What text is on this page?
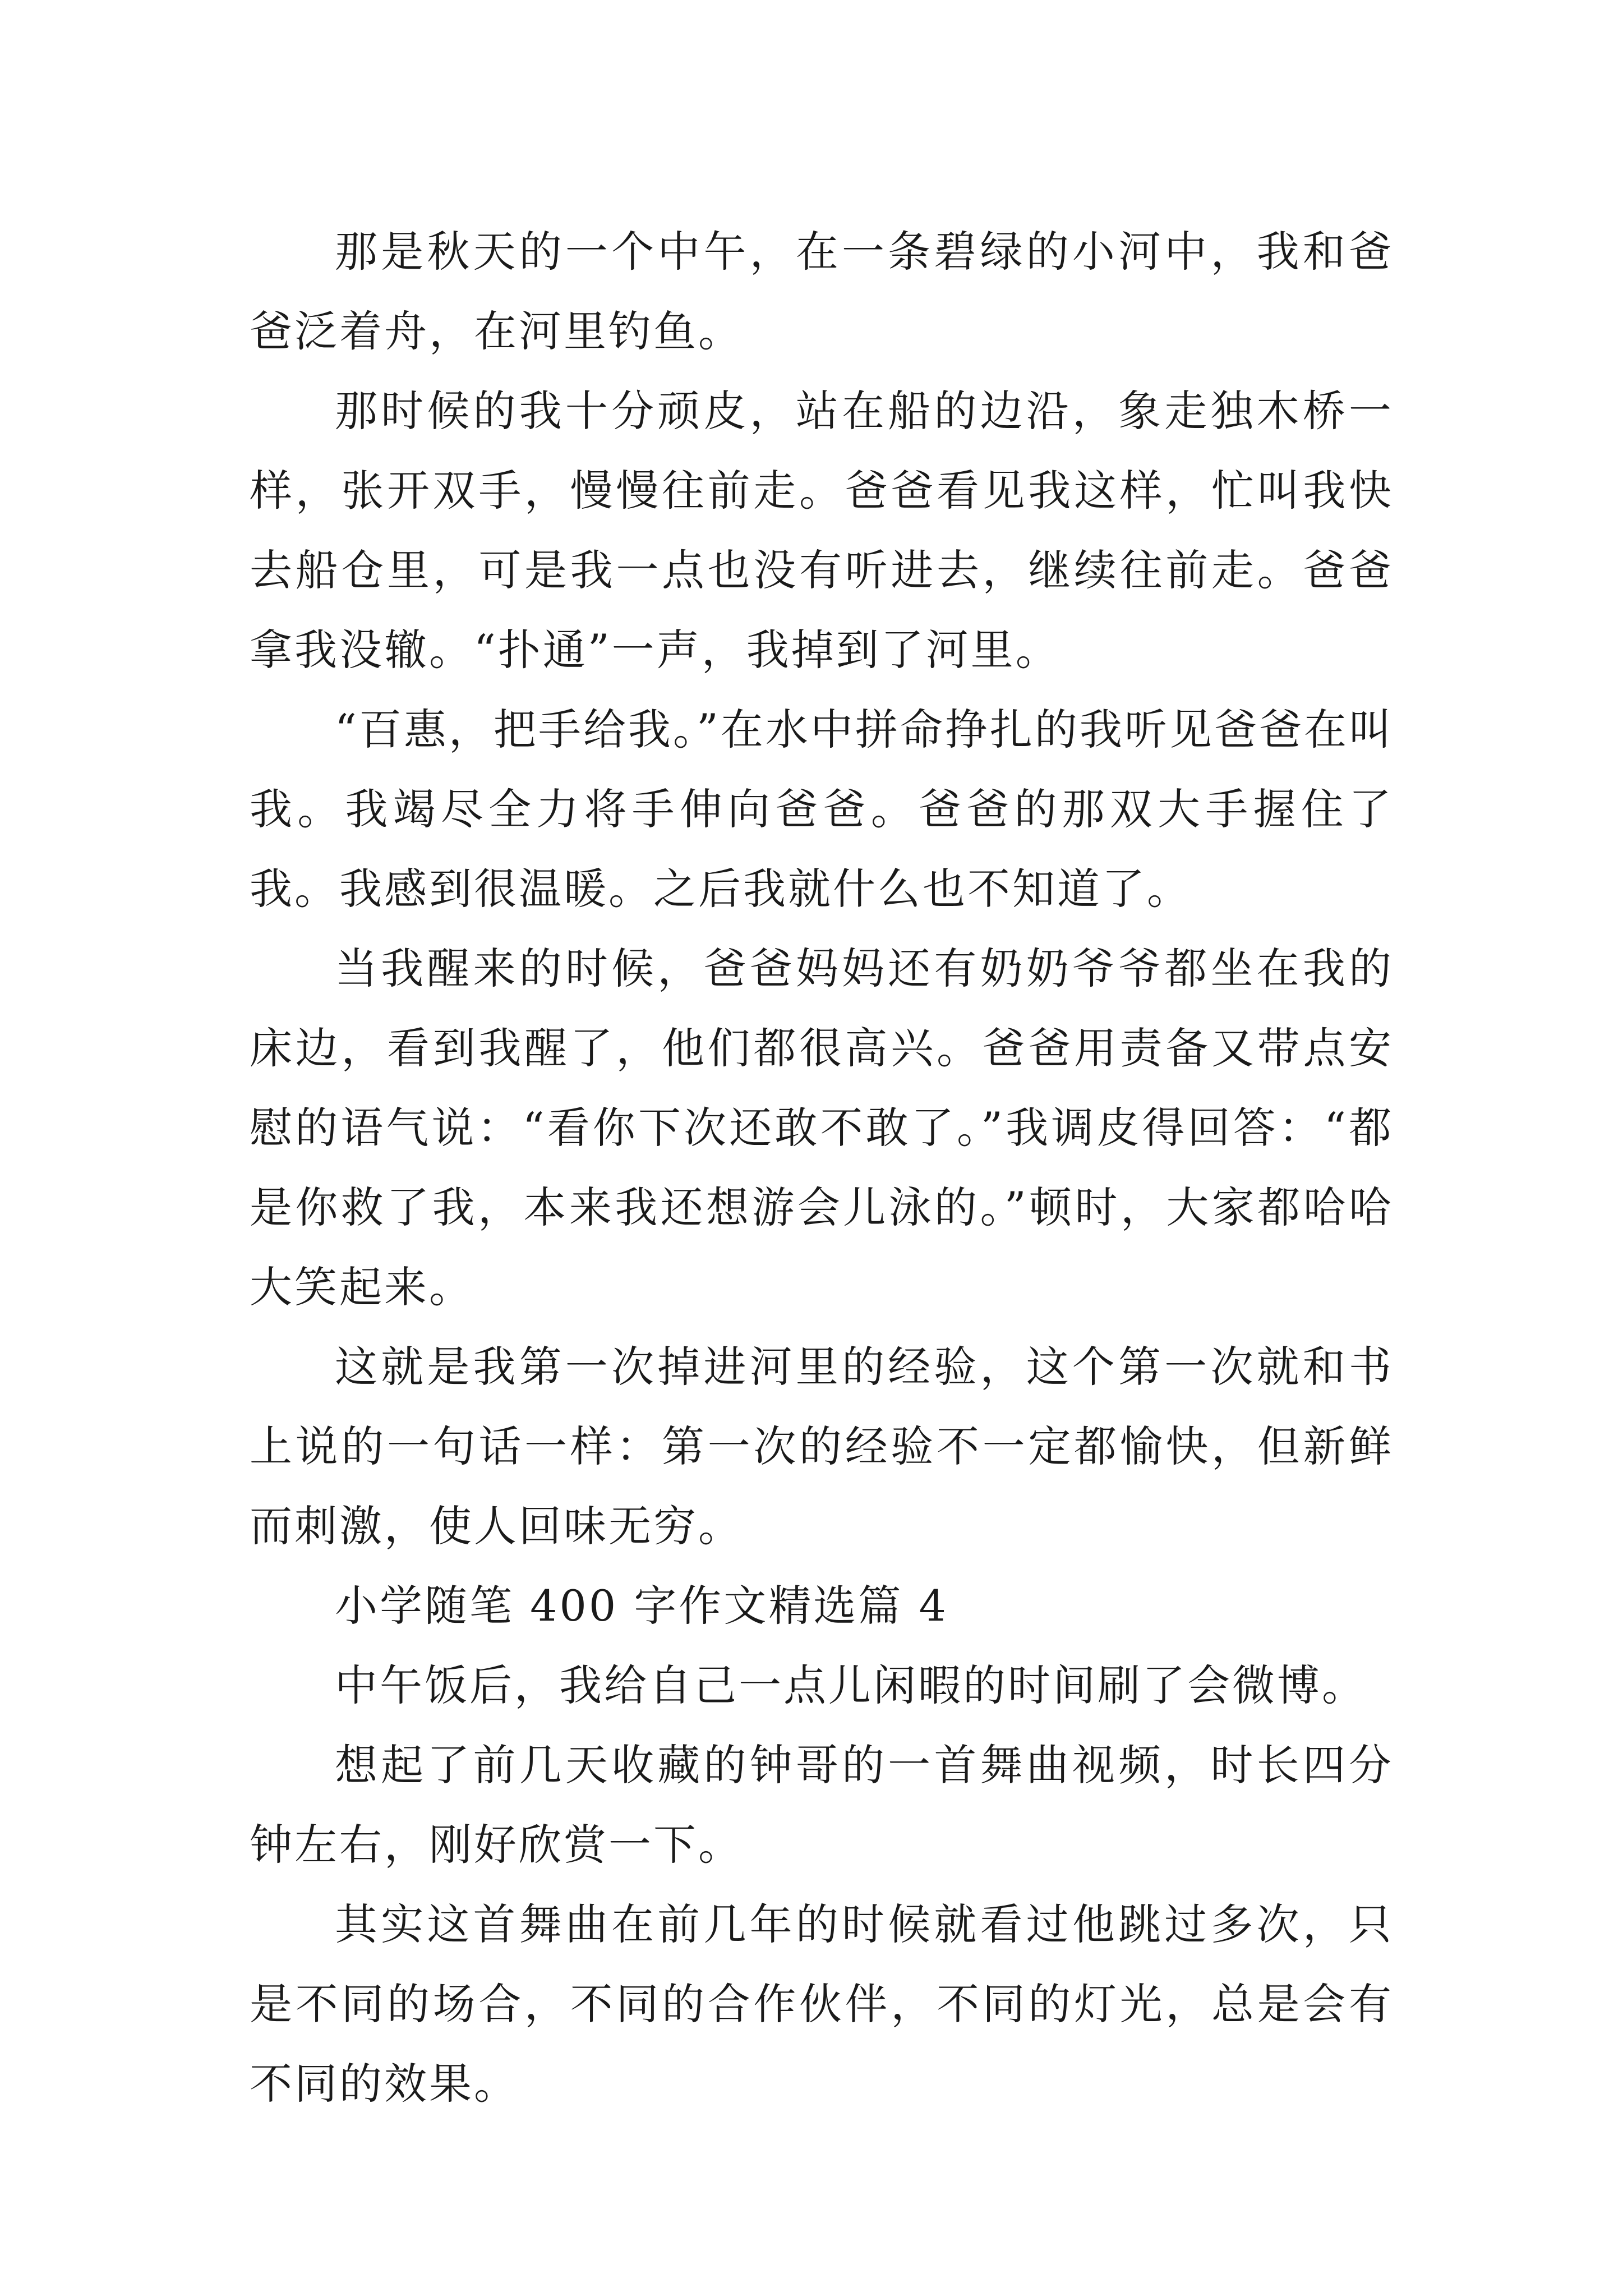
那是秋天的一个中午，在一条碧绿的小河中，我和爸爸泛着舟，在河里钓鱼。

那时候的我十分顽皮，站在船的边沿，象走独木桥一样，张开双手，慢慢往前走。爸爸看见我这样，忙叫我快去船仓里，可是我一点也没有听进去，继续往前走。爸爸拿我没辙。“扑通”一声，我掉到了河里。

“百惠，把手给我。”在水中拼命挣扎的我听见爸爸在叫我。我竭尽全力将手伸向爸爸。爸爸的那双大手握住了我。我感到很温暖。之后我就什么也不知道了。

当我醒来的时候，爸爸妈妈还有奶奶爷爷都坐在我的床边，看到我醒了，他们都很高兴。爸爸用责备又带点安慰的语气说：“看你下次还敢不敢了。”我调皮得回答：“都是你救了我，本来我还想游会儿泳的。”顿时，大家都哈哈大笑起来。

这就是我第一次掉进河里的经验，这个第一次就和书上说的一句话一样：第一次的经验不一定都愉快，但新鲜而刺激，使人回味无穷。

小学随笔 400 字作文精选篇 4

中午饭后，我给自己一点儿闲暇的时间刷了会微博。

想起了前几天收藏的钟哥的一首舞曲视频，时长四分钟左右，刚好欣赏一下。

其实这首舞曲在前几年的时候就看过他跳过多次，只是不同的场合，不同的合作伙伴，不同的灯光，总是会有不同的效果。
